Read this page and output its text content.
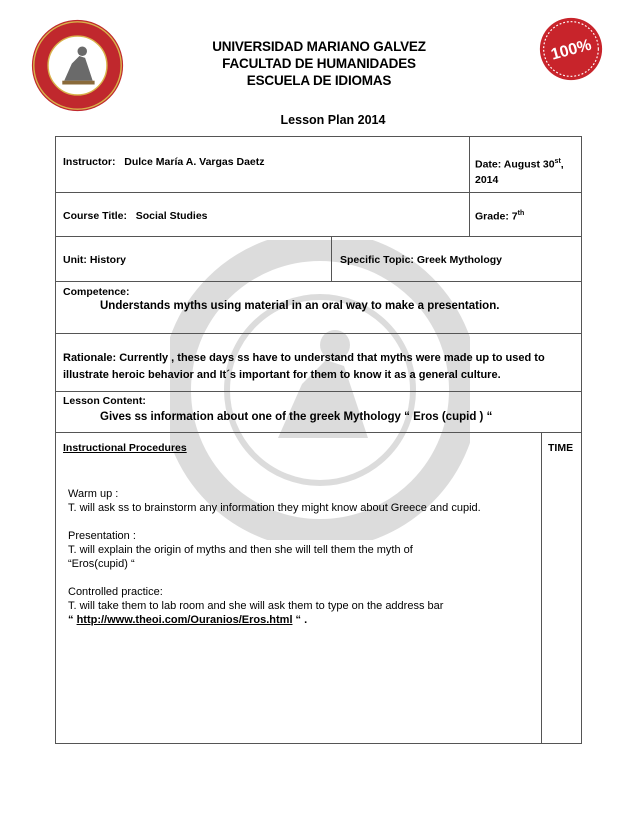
100%
UNIVERSIDAD MARIANO GALVEZ
FACULTAD DE HUMANIDADES
ESCUELA DE IDIOMAS
Lesson Plan 2014
Instructor: Dulce María A. Vargas Daetz	Date: August 30st,
2014
Course Title: Social Studies	Grade: 7th
Unit: History	Specific Topic: Greek Mythology
Competence:
Understands myths using material in an oral way to make a presentation.
Rationale: Currently , these days ss have to understand that myths were made up to used to
illustrate heroic behavior and It´s important for them to know it as a general culture.
Lesson Content:
Gives ss information about one of the greek Mythology “ Eros (cupid ) “
Instructional Procedures	TIME
Warm up :
T. will ask ss to brainstorm any information they might know about Greece and cupid.
Presentation :
T. will explain the origin of myths and then she will tell them the myth of
“Eros(cupid) “
Controlled practice:
T. will take them to lab room and she will ask them to type on the address bar
“ http://www.theoi.com/Ouranios/Eros.html “ .
